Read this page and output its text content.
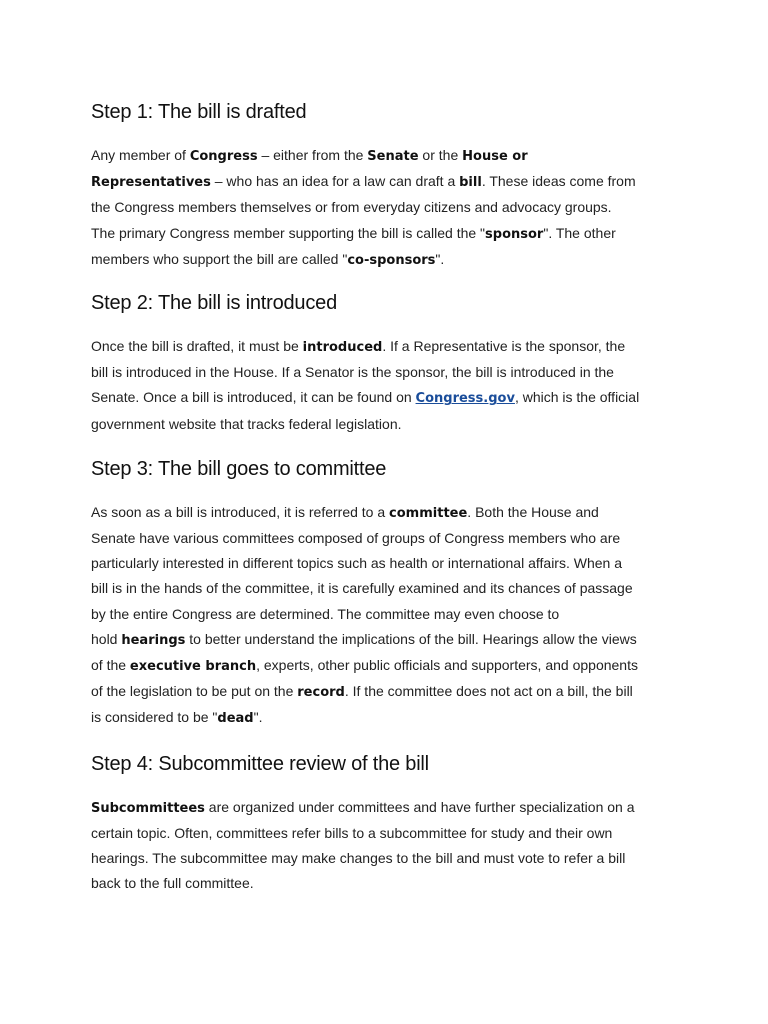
Step 1: The bill is drafted

Any member of Congress – either from the Senate or the House or
Representatives – who has an idea for a law can draft a bill. These ideas come from
the Congress members themselves or from everyday citizens and advocacy groups.
The primary Congress member supporting the bill is called the "sponsor". The other
members who support the bill are called "co-sponsors".

Step 2: The bill is introduced

Once the bill is drafted, it must be introduced. If a Representative is the sponsor, the
bill is introduced in the House. If a Senator is the sponsor, the bill is introduced in the
Senate. Once a bill is introduced, it can be found on Congress.gov, which is the official
government website that tracks federal legislation.

Step 3: The bill goes to committee

As soon as a bill is introduced, it is referred to a committee. Both the House and
Senate have various committees composed of groups of Congress members who are
particularly interested in different topics such as health or international affairs. When a
bill is in the hands of the committee, it is carefully examined and its chances of passage
by the entire Congress are determined. The committee may even choose to
hold hearings to better understand the implications of the bill. Hearings allow the views
of the executive branch, experts, other public officials and supporters, and opponents
of the legislation to be put on the record. If the committee does not act on a bill, the bill
is considered to be "dead".

Step 4: Subcommittee review of the bill

Subcommittees are organized under committees and have further specialization on a
certain topic. Often, committees refer bills to a subcommittee for study and their own
hearings. The subcommittee may make changes to the bill and must vote to refer a bill
back to the full committee.
